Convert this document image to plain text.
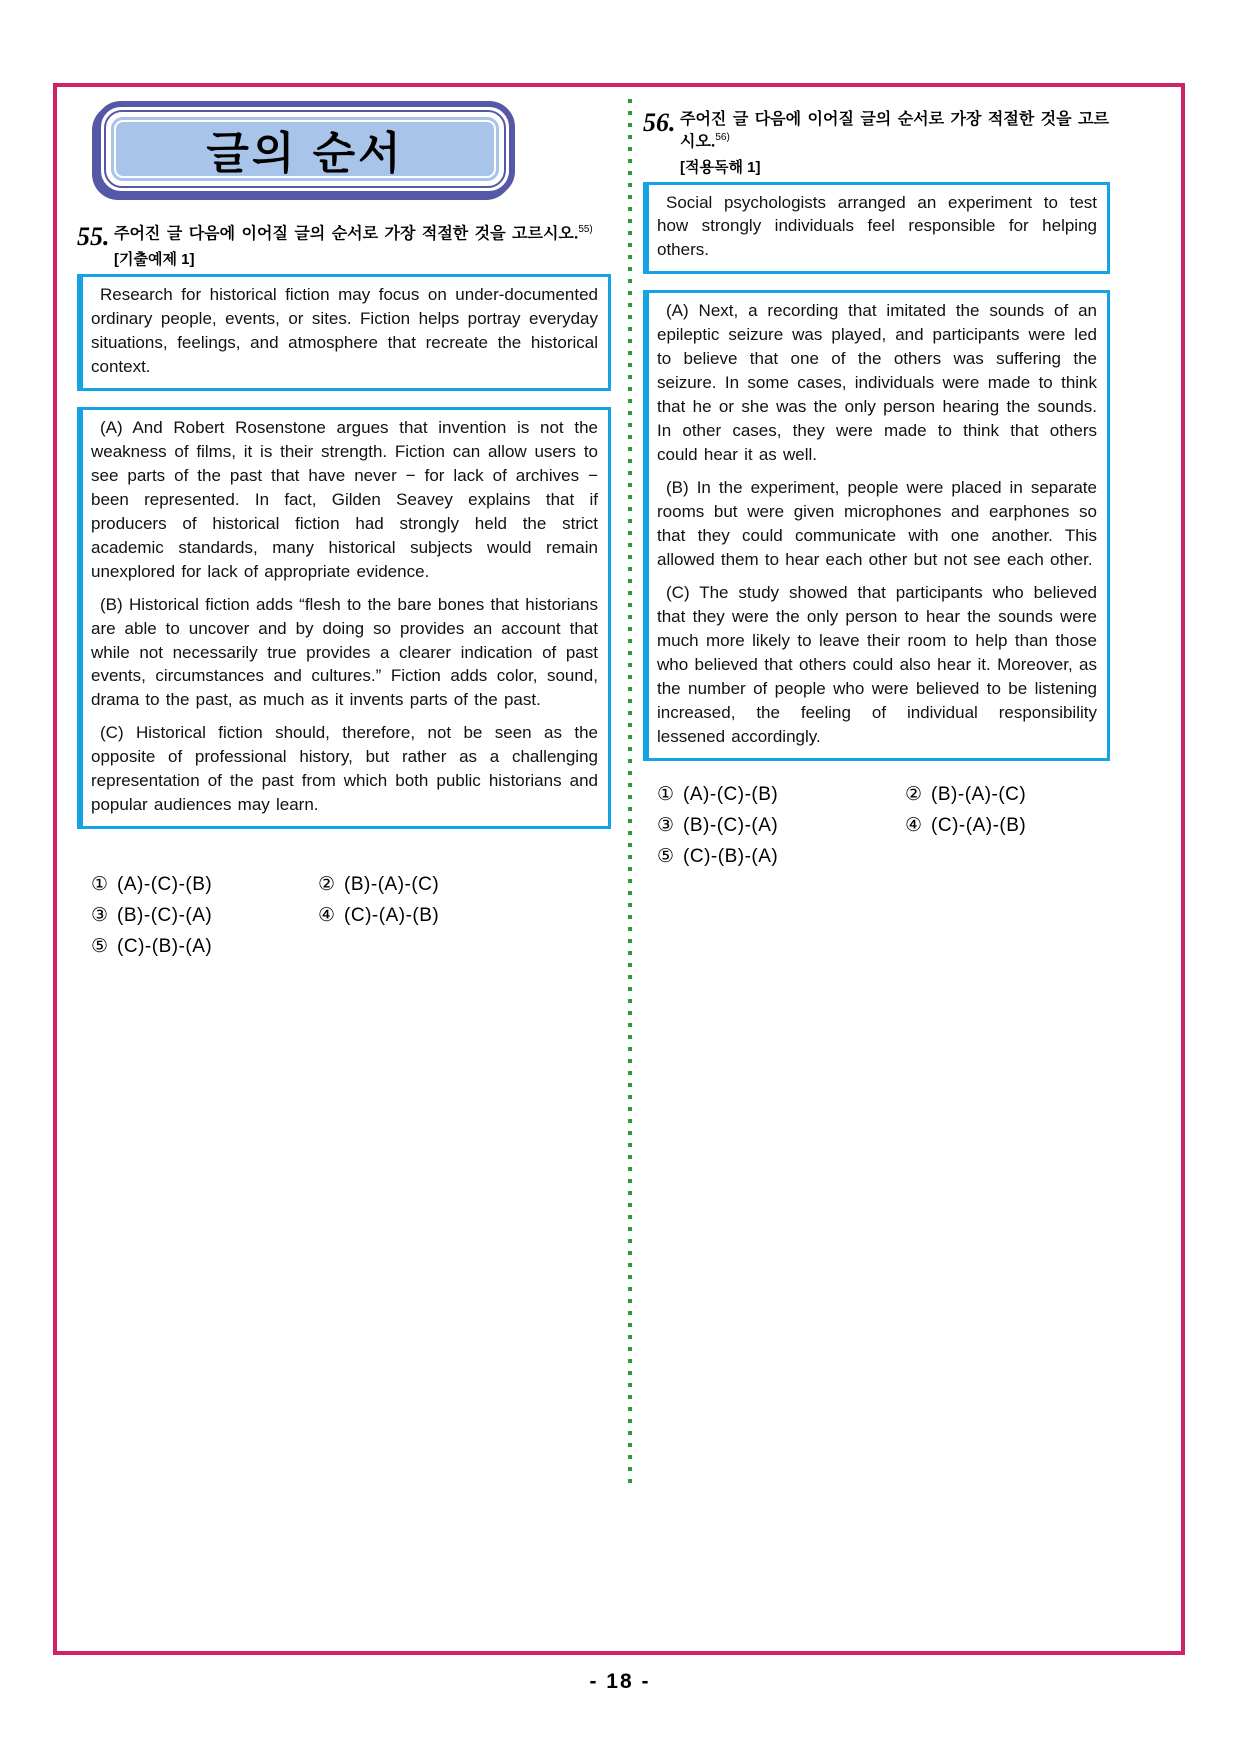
글의 순서
55. 주어진 글 다음에 이어질 글의 순서로 가장 적절한 것을 고르시오.$^{55)}$
[기출예제 1]

Research for historical fiction may focus on under-documented ordinary people, events, or sites. Fiction helps portray everyday situations, feelings, and atmosphere that recreate the historical context.

(A) And Robert Rosenstone argues that invention is not the weakness of films, it is their strength. Fiction can allow users to see parts of the past that have never − for lack of archives − been represented. In fact, Gilden Seavey explains that if producers of historical fiction had strongly held the strict academic standards, many historical subjects would remain unexplored for lack of appropriate evidence.

(B) Historical fiction adds “flesh to the bare bones that historians are able to uncover and by doing so provides an account that while not necessarily true provides a clearer indication of past events, circumstances and cultures.” Fiction adds color, sound, drama to the past, as much as it invents parts of the past.

(C) Historical fiction should, therefore, not be seen as the opposite of professional history, but rather as a challenging representation of the past from which both public historians and popular audiences may learn.

① (A)-(C)-(B)	② (B)-(A)-(C)
③ (B)-(C)-(A)	④ (C)-(A)-(B)
⑤ (C)-(B)-(A)
56. 주어진 글 다음에 이어질 글의 순서로 가장 적절한 것을 고르시오.$^{56)}$
[적용독해 1]

Social psychologists arranged an experiment to test how strongly individuals feel responsible for helping others.

(A) Next, a recording that imitated the sounds of an epileptic seizure was played, and participants were led to believe that one of the others was suffering the seizure. In some cases, individuals were made to think that he or she was the only person hearing the sounds. In other cases, they were made to think that others could hear it as well.

(B) In the experiment, people were placed in separate rooms but were given microphones and earphones so that they could communicate with one another. This allowed them to hear each other but not see each other.

(C) The study showed that participants who believed that they were the only person to hear the sounds were much more likely to leave their room to help than those who believed that others could also hear it. Moreover, as the number of people who were believed to be listening increased, the feeling of individual responsibility lessened accordingly.

① (A)-(C)-(B)	② (B)-(A)-(C)
③ (B)-(C)-(A)	④ (C)-(A)-(B)
⑤ (C)-(B)-(A)
- 18 -
